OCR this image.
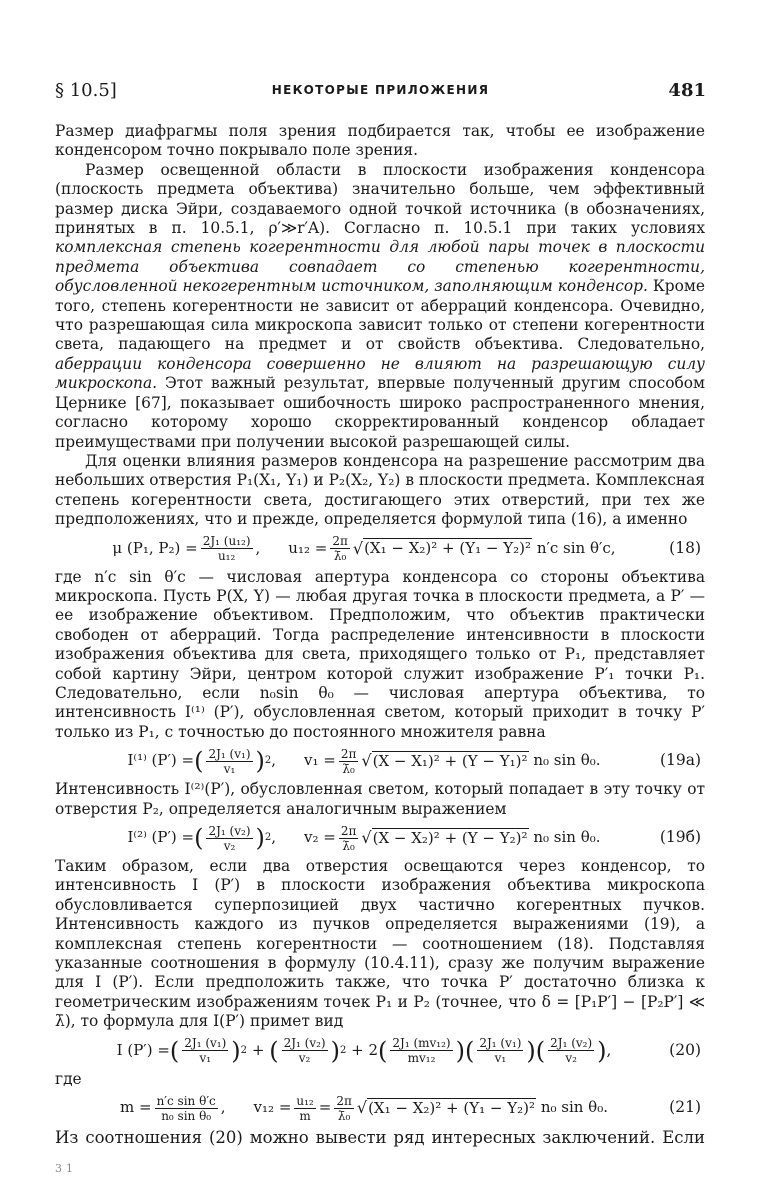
§ 10.5]	НЕКОТОРЫЕ ПРИЛОЖЕНИЯ	481

Размер диафрагмы поля зрения подбирается так, чтобы ее изображение конденсором точно покрывало поле зрения.

Размер освещенной области в плоскости изображения конденсора (плоскость предмета объектива) значительно больше, чем эффективный размер диска Эйри, создаваемого одной точкой источника (в обозначениях, принятых в п. 10.5.1, ρ′≫r′A). Согласно п. 10.5.1 при таких условиях комплексная степень когерентности для любой пары точек в плоскости предмета объектива совпадает со степенью когерентности, обусловленной некогерентным источником, заполняющим конденсор. Кроме того, степень когерентности не зависит от аберраций конденсора. Очевидно, что разрешающая сила микроскопа зависит только от степени когерентности света, падающего на предмет и от свойств объектива. Следовательно, аберрации конденсора совершенно не влияют на разрешающую силу микроскопа. Этот важный результат, впервые полученный другим способом Цернике [67], показывает ошибочность широко распространенного мнения, согласно которому хорошо скорректированный конденсор обладает преимуществами при получении высокой разрешающей силы.

Для оценки влияния размеров конденсора на разрешение рассмотрим два небольших отверстия P₁(X₁, Y₁) и P₂(X₂, Y₂) в плоскости предмета. Комплексная степень когерентности света, достигающего этих отверстий, при тех же предположениях, что и прежде, определяется формулой типа (16), а именно

μ (P₁, $P_2) = \frac{\text{2J₁ (u₁₂)}}{\text{u₁₂}}$ , $u_{12} = \frac{2\pi}{\text{λ̄₀}}$ √ (X₁ − X₂)² + (Y₁ − Y₂)²
n′c sin θ′c,	(18)

где n′c sin θ′c — числовая апертура конденсора со стороны объектива микроскопа. Пусть P(X, Y) — любая другая точка в плоскости предмета, а P′ — ее изображение объективом. Предположим, что объектив практически свободен от аберраций. Тогда распределение интенсивности в плоскости изображения объектива для света, приходящего только от P₁, представляет собой картину Эйри, центром которой служит изображение P′₁ точки P₁. Следовательно, если n₀sin θ₀ — числовая апертура объектива, то интенсивность I⁽¹⁾ (P′), обусловленная светом, который приходит в точку P′ только из P₁, с точностью до постоянного множителя равна

I⁽¹⁾ (P′) = ( $\frac{\text{2J₁ (v₁)}}{\text{v₁}}$ ) 2 , $v_1 = \frac{2\pi}{\text{λ̄₀}}$ √ (X − X₁)² + (Y − Y₁)²
n₀ sin θ₀.	(19a)

Интенсивность I⁽²⁾(P′), обусловленная светом, который попадает в эту точку от отверстия P₂, определяется аналогичным выражением

I⁽²⁾ (P′) = ( $\frac{\text{2J₁ (v₂)}}{\text{v₂}}$ ) 2 , $v_2 = \frac{2\pi}{\text{λ̄₀}}$ √ (X − X₂)² + (Y − Y₂)²
n₀ sin θ₀.	(19б)

Таким образом, если два отверстия освещаются через конденсор, то интенсивность I (P′) в плоскости изображения объектива микроскопа обусловливается суперпозицией двух частично когерентных пучков. Интенсивность каждого из пучков определяется выражениями (19), а комплексная степень когерентности — соотношением (18). Подставляя указанные соотношения в формулу (10.4.11), сразу же получим выражение для I (P′). Если предположить также, что точка P′ достаточно близка к геометрическим изображениям точек P₁ и P₂ (точнее, что δ = [P₁P′] − [P₂P′] ≪ λ̄), то формула для I(P′) примет вид

I (P′) = ( $\frac{\text{2J₁ (v₁)}}{\text{v₁}}$ ) 2
+
( $\frac{\text{2J₁ (v₂)}}{\text{v₂}}$ ) 2
+ 2 ( $\frac{\text{2J₁ (mv₁₂)}}{\text{mv₁₂}}$ ) ( $\frac{\text{2J₁ (v₁)}}{\text{v₁}}$ ) ( $\frac{\text{2J₁ (v₂)}}{\text{v₂}}$ ) ,	(20)

где

$m = \frac{\text{n′c sin θ′c}}{\text{n₀ sin θ₀}}$ , $v_{12} = \frac{\text{u₁₂}}{m} = \frac{2\pi}{\text{λ̄₀}}$ √ (X₁ − X₂)² + (Y₁ − Y₂)²
n₀ sin θ₀.	(21)

Из соотношения (20) можно вывести ряд интересных заключений. Если

31
